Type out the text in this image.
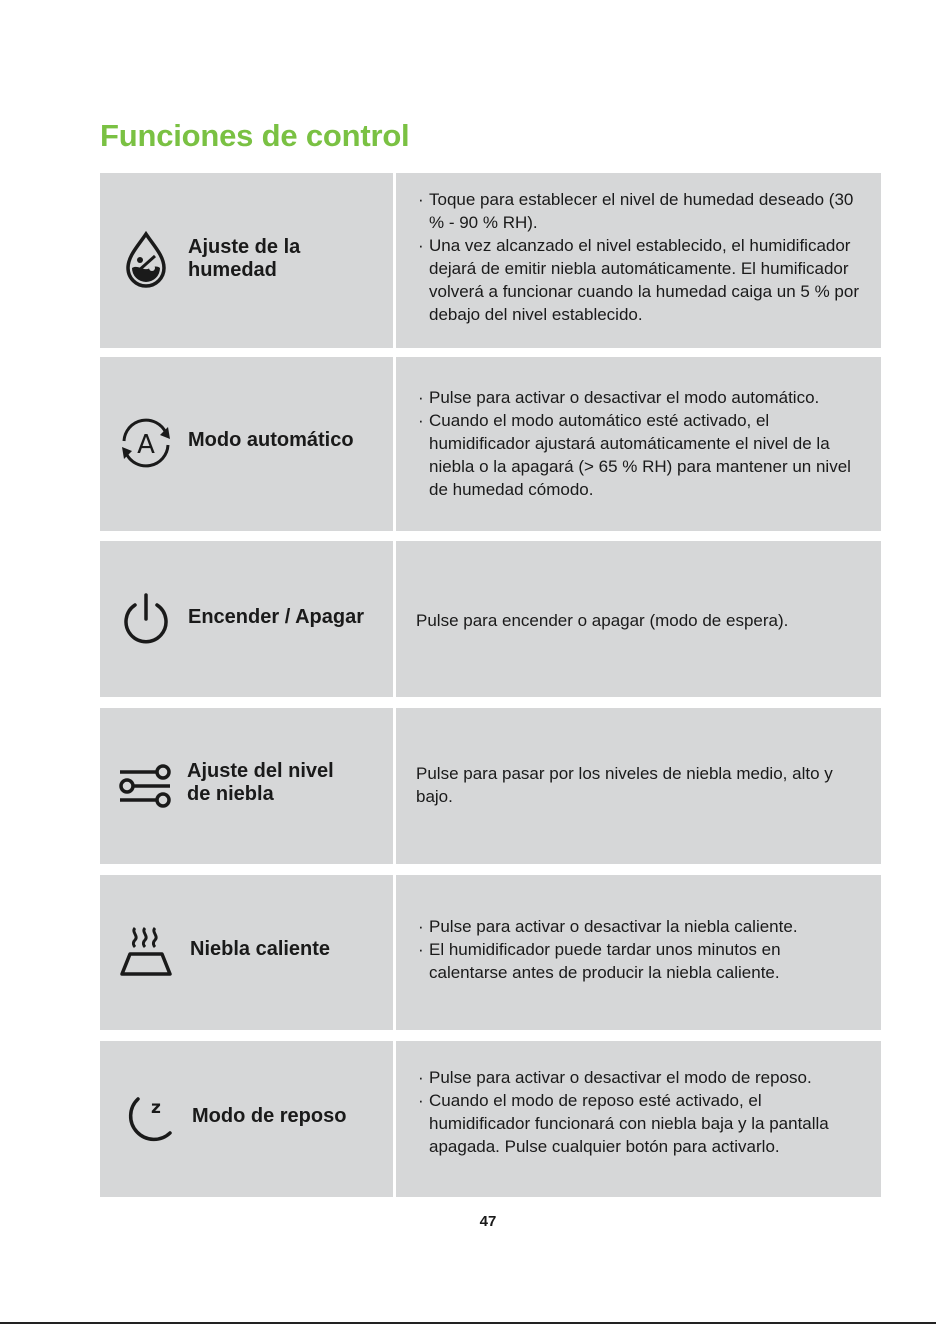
Funciones de control
Ajuste de la
humedad
· Toque para establecer el nivel de humedad deseado (30 % - 90 % RH).
· Una vez alcanzado el nivel establecido, el humidificador dejará de emitir niebla automáticamente. El humificador volverá a funcionar cuando la humedad caiga un 5 % por debajo del nivel establecido.
A Modo automático
· Pulse para activar o desactivar el modo automático.
· Cuando el modo automático esté activado, el humidificador ajustará automáticamente el nivel de la niebla o la apagará (> 65 % RH) para mantener un nivel de humedad cómodo.
Encender / Apagar	Pulse para encender o apagar (modo de espera).
Ajuste del nivel
de niebla
Pulse para pasar por los niveles de niebla medio, alto y bajo.
Niebla caliente
· Pulse para activar o desactivar la niebla caliente.
· El humidificador puede tardar unos minutos en calentarse antes de producir la niebla caliente.
z Modo de reposo
· Pulse para activar o desactivar el modo de reposo.
· Cuando el modo de reposo esté activado, el humidificador funcionará con niebla baja y la pantalla apagada. Pulse cualquier botón para activarlo.
47
